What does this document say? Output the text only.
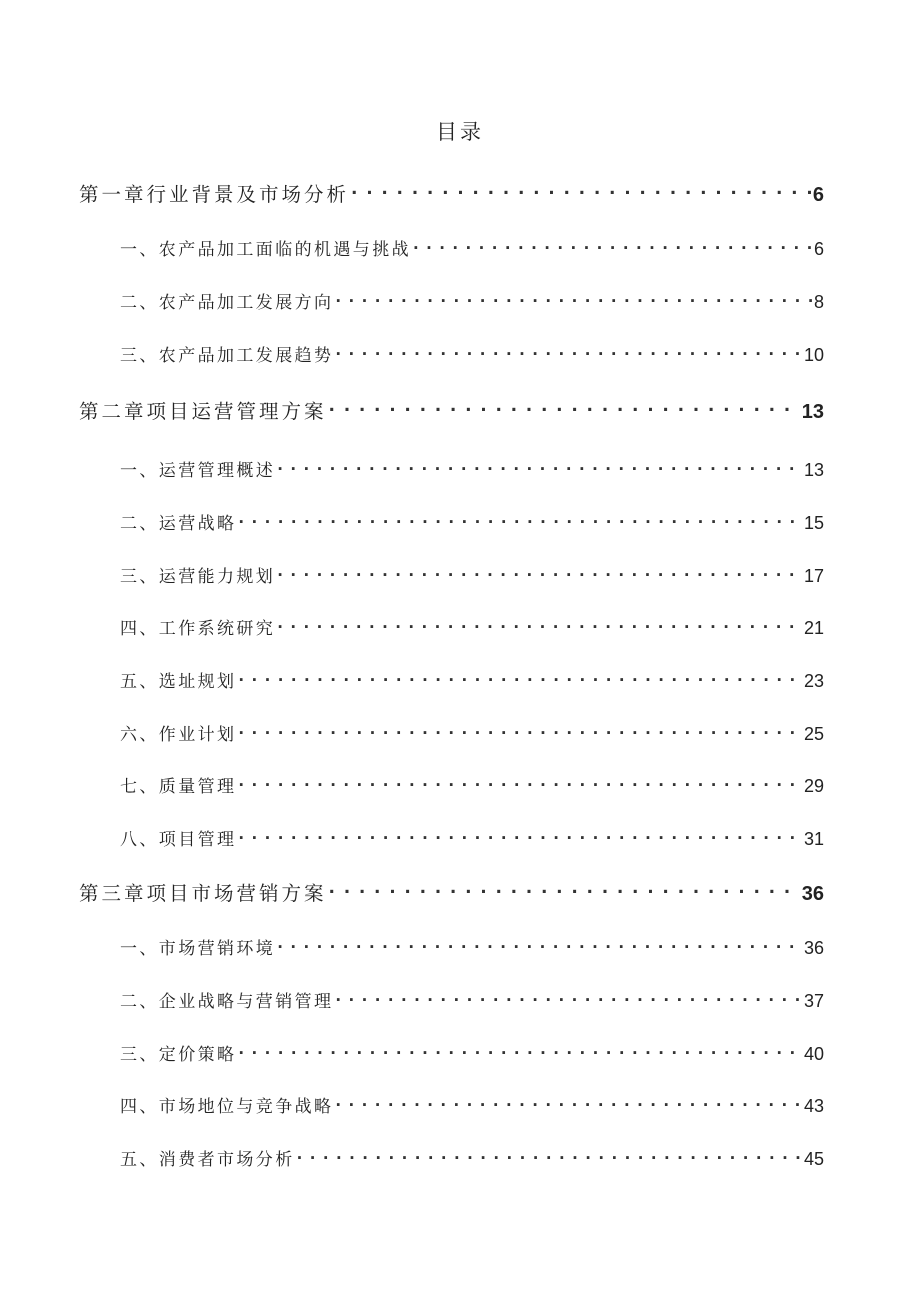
目录
第一章行业背景及市场分析 . . .	6
一、农产品加工面临的机遇与挑战 . . .	6
二、农产品加工发展方向 . . .	8
三、农产品加工发展趋势 . . .	10
第二章项目运营管理方案 . . .	13
一、运营管理概述 . . .	13
二、运营战略 . . .	15
三、运营能力规划 . . .	17
四、工作系统研究 . . .	21
五、选址规划 . . .	23
六、作业计划 . . .	25
七、质量管理 . . .	29
八、项目管理 . . .	31
第三章项目市场营销方案 . . .	36
一、市场营销环境 . . .	36
二、企业战略与营销管理 . . .	37
三、定价策略 . . .	40
四、市场地位与竞争战略 . . .	43
五、消费者市场分析 . . .	45
